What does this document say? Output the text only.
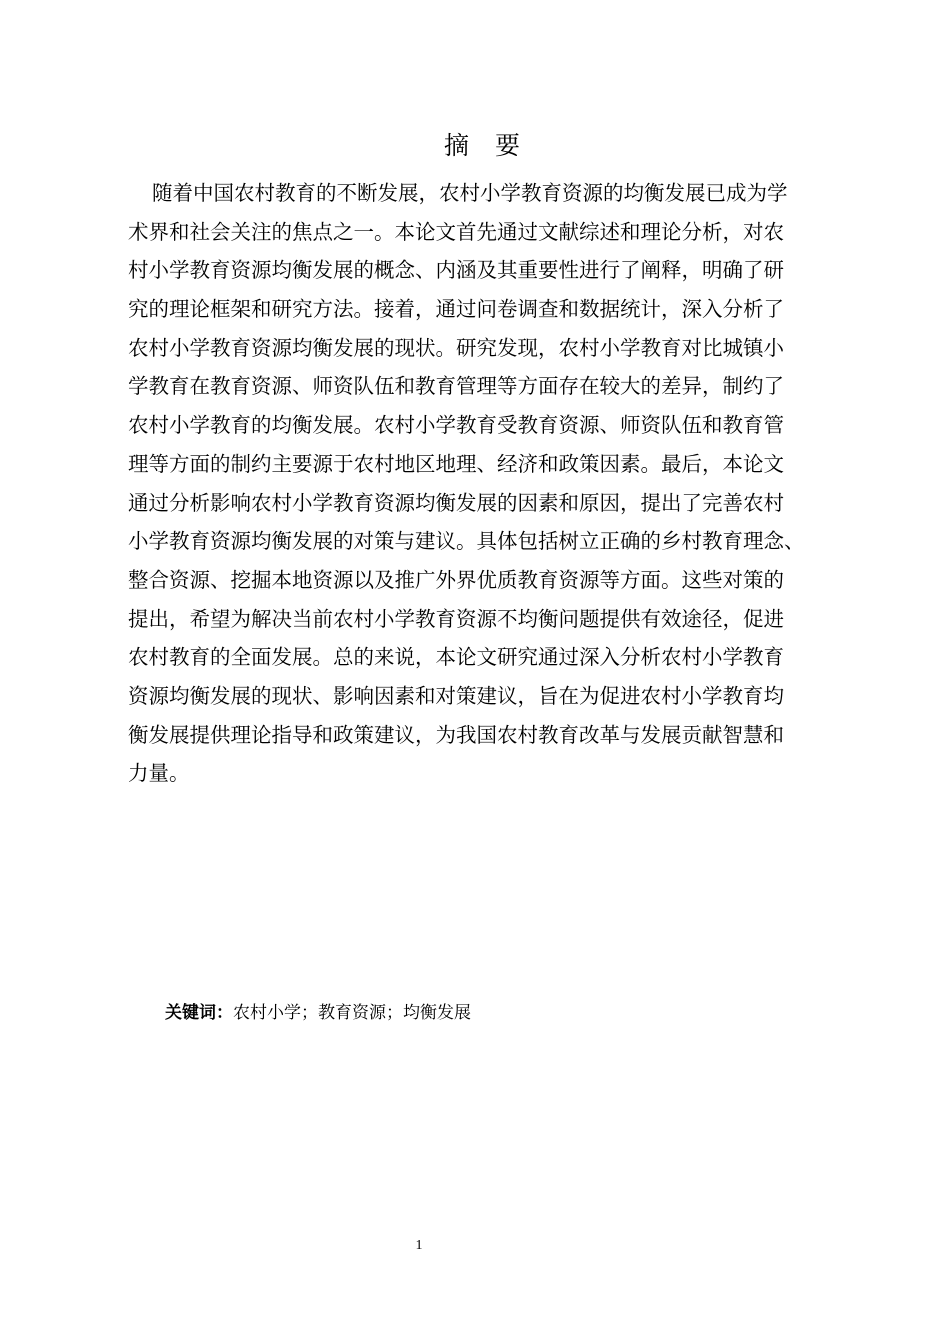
摘要
随着中国农村教育的不断发展，农村小学教育资源的均衡发展已成为学
术界和社会关注的焦点之一。本论文首先通过文献综述和理论分析，对农
村小学教育资源均衡发展的概念、内涵及其重要性进行了阐释，明确了研
究的理论框架和研究方法。接着，通过问卷调查和数据统计，深入分析了
农村小学教育资源均衡发展的现状。研究发现，农村小学教育对比城镇小
学教育在教育资源、师资队伍和教育管理等方面存在较大的差异，制约了
农村小学教育的均衡发展。农村小学教育受教育资源、师资队伍和教育管
理等方面的制约主要源于农村地区地理、经济和政策因素。最后，本论文
通过分析影响农村小学教育资源均衡发展的因素和原因，提出了完善农村
小学教育资源均衡发展的对策与建议。具体包括树立正确的乡村教育理念、
整合资源、挖掘本地资源以及推广外界优质教育资源等方面。这些对策的
提出，希望为解决当前农村小学教育资源不均衡问题提供有效途径，促进
农村教育的全面发展。总的来说，本论文研究通过深入分析农村小学教育
资源均衡发展的现状、影响因素和对策建议，旨在为促进农村小学教育均
衡发展提供理论指导和政策建议，为我国农村教育改革与发展贡献智慧和
力量。
关键词：农村小学；教育资源；均衡发展
1
